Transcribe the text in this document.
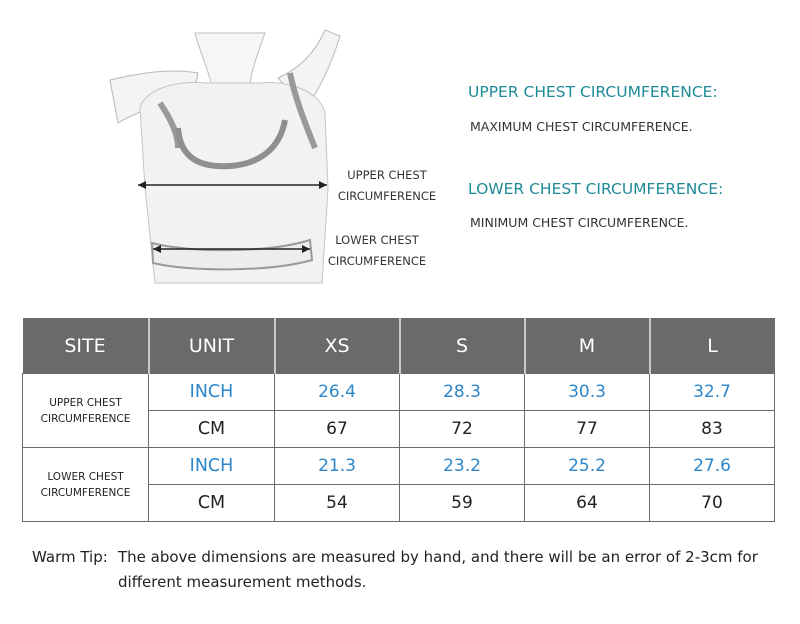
UPPER CHEST
CIRCUMFERENCE
LOWER CHEST
CIRCUMFERENCE
UPPER CHEST CIRCUMFERENCE:
MAXIMUM CHEST CIRCUMFERENCE.
LOWER CHEST CIRCUMFERENCE:
MINIMUM CHEST CIRCUMFERENCE.
SITE	UNIT	XS	S	M	L

UPPER CHEST
CIRCUMFERENCE	INCH	26.4	28.3	30.3	32.7
	CM	67	72	77	83

LOWER CHEST
CIRCUMFERENCE	INCH	21.3	23.2	25.2	27.6
	CM	54	59	64	70
Warm Tip: The above dimensions are measured by hand, and there will be an error of 2-3cm for different measurement methods.
